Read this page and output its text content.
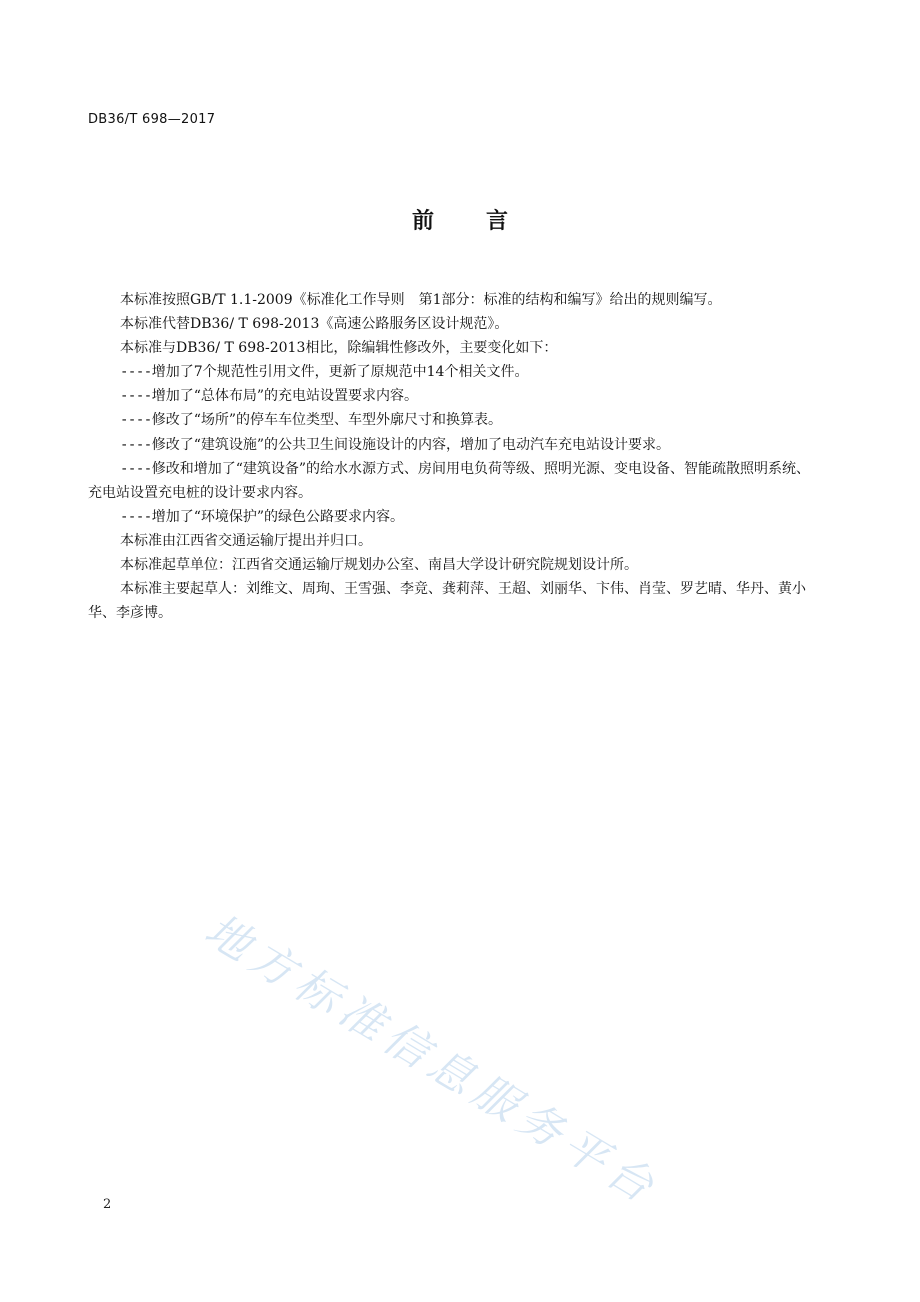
DB36/T 698—2017
前 言

本标准按照GB/T 1.1-2009《标准化工作导则　第1部分：标准的结构和编写》给出的规则编写。

本标准代替DB36/ T 698-2013《高速公路服务区设计规范》。

本标准与DB36/ T 698-2013相比，除编辑性修改外，主要变化如下：

----增加了7个规范性引用文件，更新了原规范中14个相关文件。

----增加了“总体布局”的充电站设置要求内容。

----修改了“场所”的停车车位类型、车型外廓尺寸和换算表。

----修改了“建筑设施”的公共卫生间设施设计的内容，增加了电动汽车充电站设计要求。

----修改和增加了“建筑设备”的给水水源方式、房间用电负荷等级、照明光源、变电设备、智能疏散照明系统、充电站设置充电桩的设计要求内容。

----增加了“环境保护”的绿色公路要求内容。

本标准由江西省交通运输厅提出并归口。

本标准起草单位：江西省交通运输厅规划办公室、南昌大学设计研究院规划设计所。

本标准主要起草人：刘维文、周珣、王雪强、李竞、龚莉萍、王超、刘丽华、卞伟、肖莹、罗艺晴、华丹、黄小华、李彦博。

地方标准信息服务平台
2
